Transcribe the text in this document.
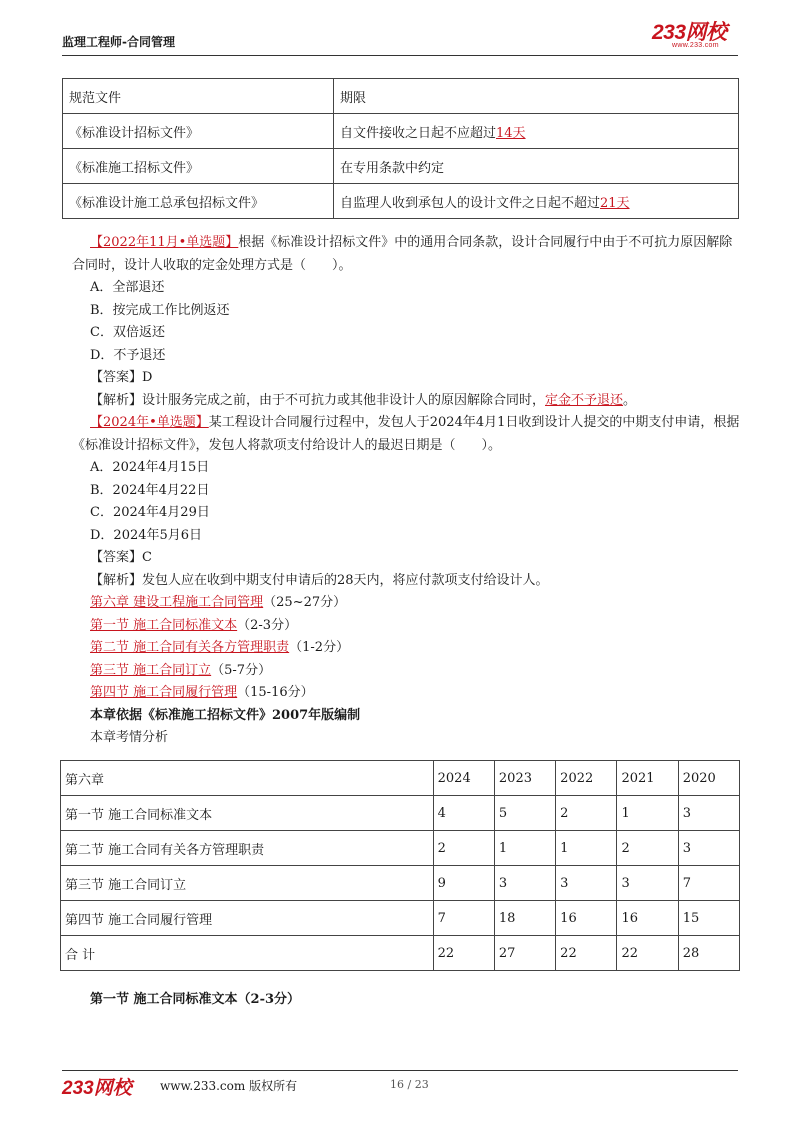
监理工程师-合同管理	233网校
www.233.com
规范文件	期限
《标准设计招标文件》	自文件接收之日起不应超过14天
《标准施工招标文件》	在专用条款中约定
《标准设计施工总承包招标文件》	自监理人收到承包人的设计文件之日起不超过21天

【2022年11月•单选题】根据《标准设计招标文件》中的通用合同条款，设计合同履行中由于不可抗力原因解除合同时，设计人收取的定金处理方式是（　　）。

A．全部退还

B．按完成工作比例返还

C．双倍返还

D．不予退还

【答案】D

【解析】设计服务完成之前，由于不可抗力或其他非设计人的原因解除合同时，定金不予退还。

【2024年•单选题】某工程设计合同履行过程中，发包人于2024年4月1日收到设计人提交的中期支付申请，根据《标准设计招标文件》，发包人将款项支付给设计人的最迟日期是（　　）。

A．2024年4月15日

B．2024年4月22日

C．2024年4月29日

D．2024年5月6日

【答案】C

【解析】发包人应在收到中期支付申请后的28天内，将应付款项支付给设计人。

第六章 建设工程施工合同管理（25~27分）

第一节 施工合同标准文本（2-3分）

第二节 施工合同有关各方管理职责（1-2分）

第三节 施工合同订立（5-7分）

第四节 施工合同履行管理（15-16分）

本章依据《标准施工招标文件》2007年版编制

本章考情分析

第六章	2024	2023	2022	2021	2020
第一节 施工合同标准文本	4	5	2	1	3
第二节 施工合同有关各方管理职责	2	1	1	2	3
第三节 施工合同订立	9	3	3	3	7
第四节 施工合同履行管理	7	18	16	16	15
合 计	22	27	22	22	28
第一节 施工合同标准文本（2-3分）
233网校 www.233.com 版权所有	16 / 23
